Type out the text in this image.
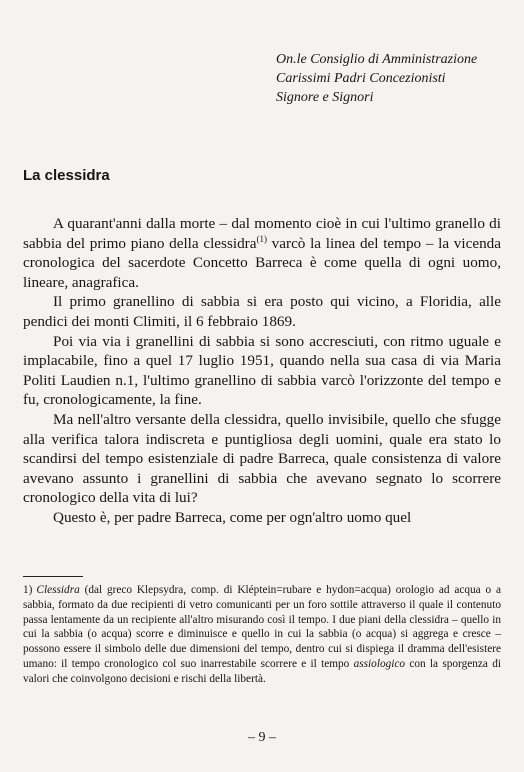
On.le Consiglio di Amministrazione
Carissimi Padri Concezionisti
Signore e Signori
La clessidra

A quarant'anni dalla morte – dal momento cioè in cui l'ultimo granello di sabbia del primo piano della clessidra$^{(1)}$ varcò la linea del tempo – la vicenda cronologica del sacerdote Concetto Barreca è come quella di ogni uomo, lineare, anagrafica.

Il primo granellino di sabbia si era posto qui vicino, a Floridia, alle pendici dei monti Climiti, il 6 febbraio 1869.

Poi via via i granellini di sabbia si sono accresciuti, con ritmo uguale e implacabile, fino a quel 17 luglio 1951, quando nella sua casa di via Maria Politi Laudien n.1, l'ultimo granellino di sabbia varcò l'orizzonte del tempo e fu, cronologicamente, la fine.

Ma nell'altro versante della clessidra, quello invisibile, quello che sfugge alla verifica talora indiscreta e puntigliosa degli uomini, quale era stato lo scandirsi del tempo esistenziale di padre Barreca, quale consistenza di valore avevano assunto i granellini di sabbia che avevano segnato lo scorrere cronologico della vita di lui?

Questo è, per padre Barreca, come per ogn'altro uomo quel

1) Clessidra (dal greco Klepsydra, comp. di Kléptein=rubare e hydon=acqua) orologio ad acqua o a sabbia, formato da due recipienti di vetro comunicanti per un foro sottile attraverso il quale il contenuto passa lentamente da un recipiente all'altro misurando così il tempo. I due piani della clessidra – quello in cui la sabbia (o acqua) scorre e diminuisce e quello in cui la sabbia (o acqua) si aggrega e cresce – possono essere il simbolo delle due dimensioni del tempo, dentro cui si dispiega il dramma dell'esistere umano: il tempo cronologico col suo inarrestabile scorrere e il tempo assiologico con la sporgenza di valori che coinvolgono decisioni e rischi della libertà.
– 9 –
